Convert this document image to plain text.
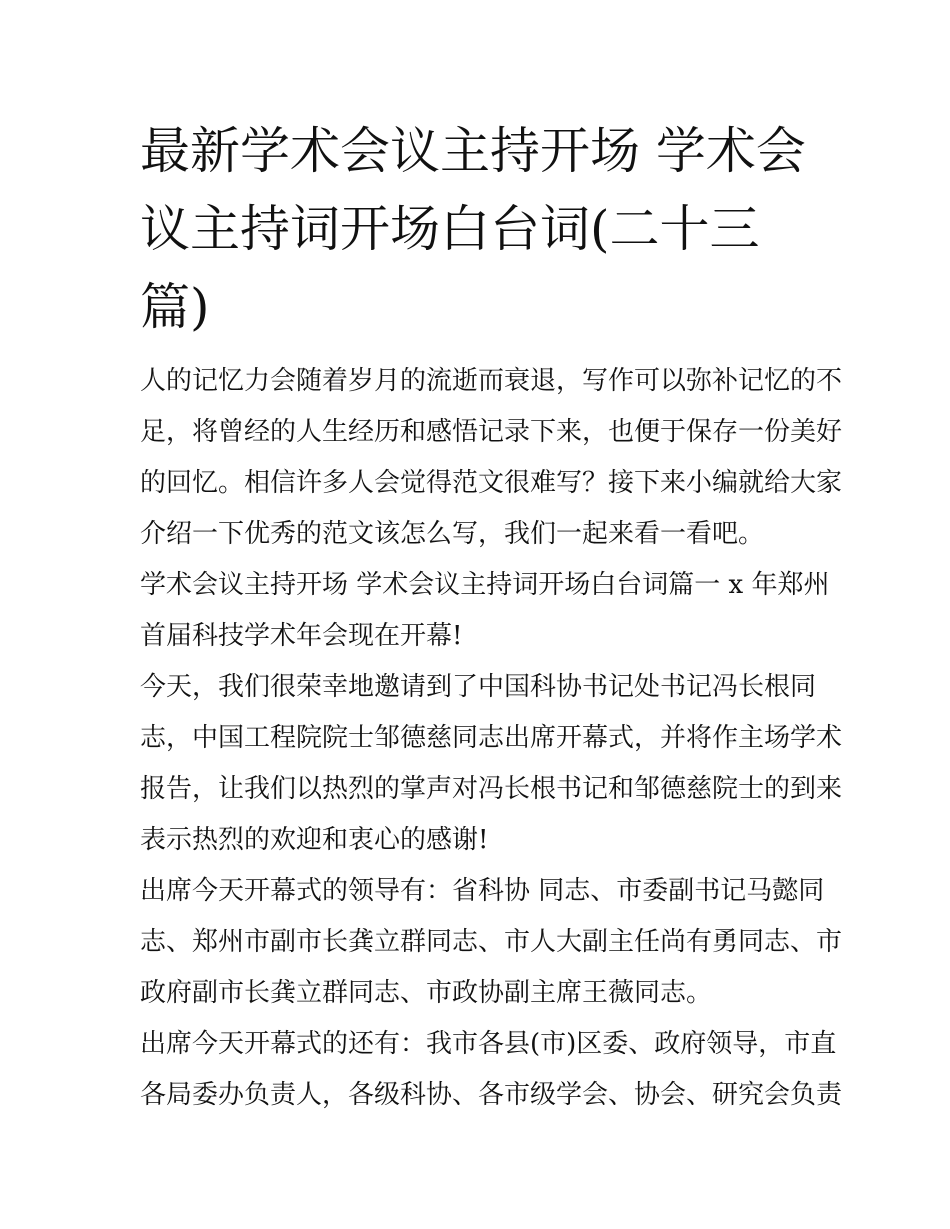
最新学术会议主持开场 学术会
议主持词开场白台词(二十三
篇)
人的记忆力会随着岁月的流逝而衰退，写作可以弥补记忆的不
足，将曾经的人生经历和感悟记录下来，也便于保存一份美好
的回忆。相信许多人会觉得范文很难写？接下来小编就给大家
介绍一下优秀的范文该怎么写，我们一起来看一看吧。
学术会议主持开场 学术会议主持词开场白台词篇一 x 年郑州
首届科技学术年会现在开幕!
今天，我们很荣幸地邀请到了中国科协书记处书记冯长根同
志，中国工程院院士邹德慈同志出席开幕式，并将作主场学术
报告，让我们以热烈的掌声对冯长根书记和邹德慈院士的到来
表示热烈的欢迎和衷心的感谢!
出席今天开幕式的领导有：省科协 同志、市委副书记马懿同
志、郑州市副市长龚立群同志、市人大副主任尚有勇同志、市
政府副市长龚立群同志、市政协副主席王薇同志。
出席今天开幕式的还有：我市各县(市)区委、政府领导，市直
各局委办负责人，各级科协、各市级学会、协会、研究会负责
